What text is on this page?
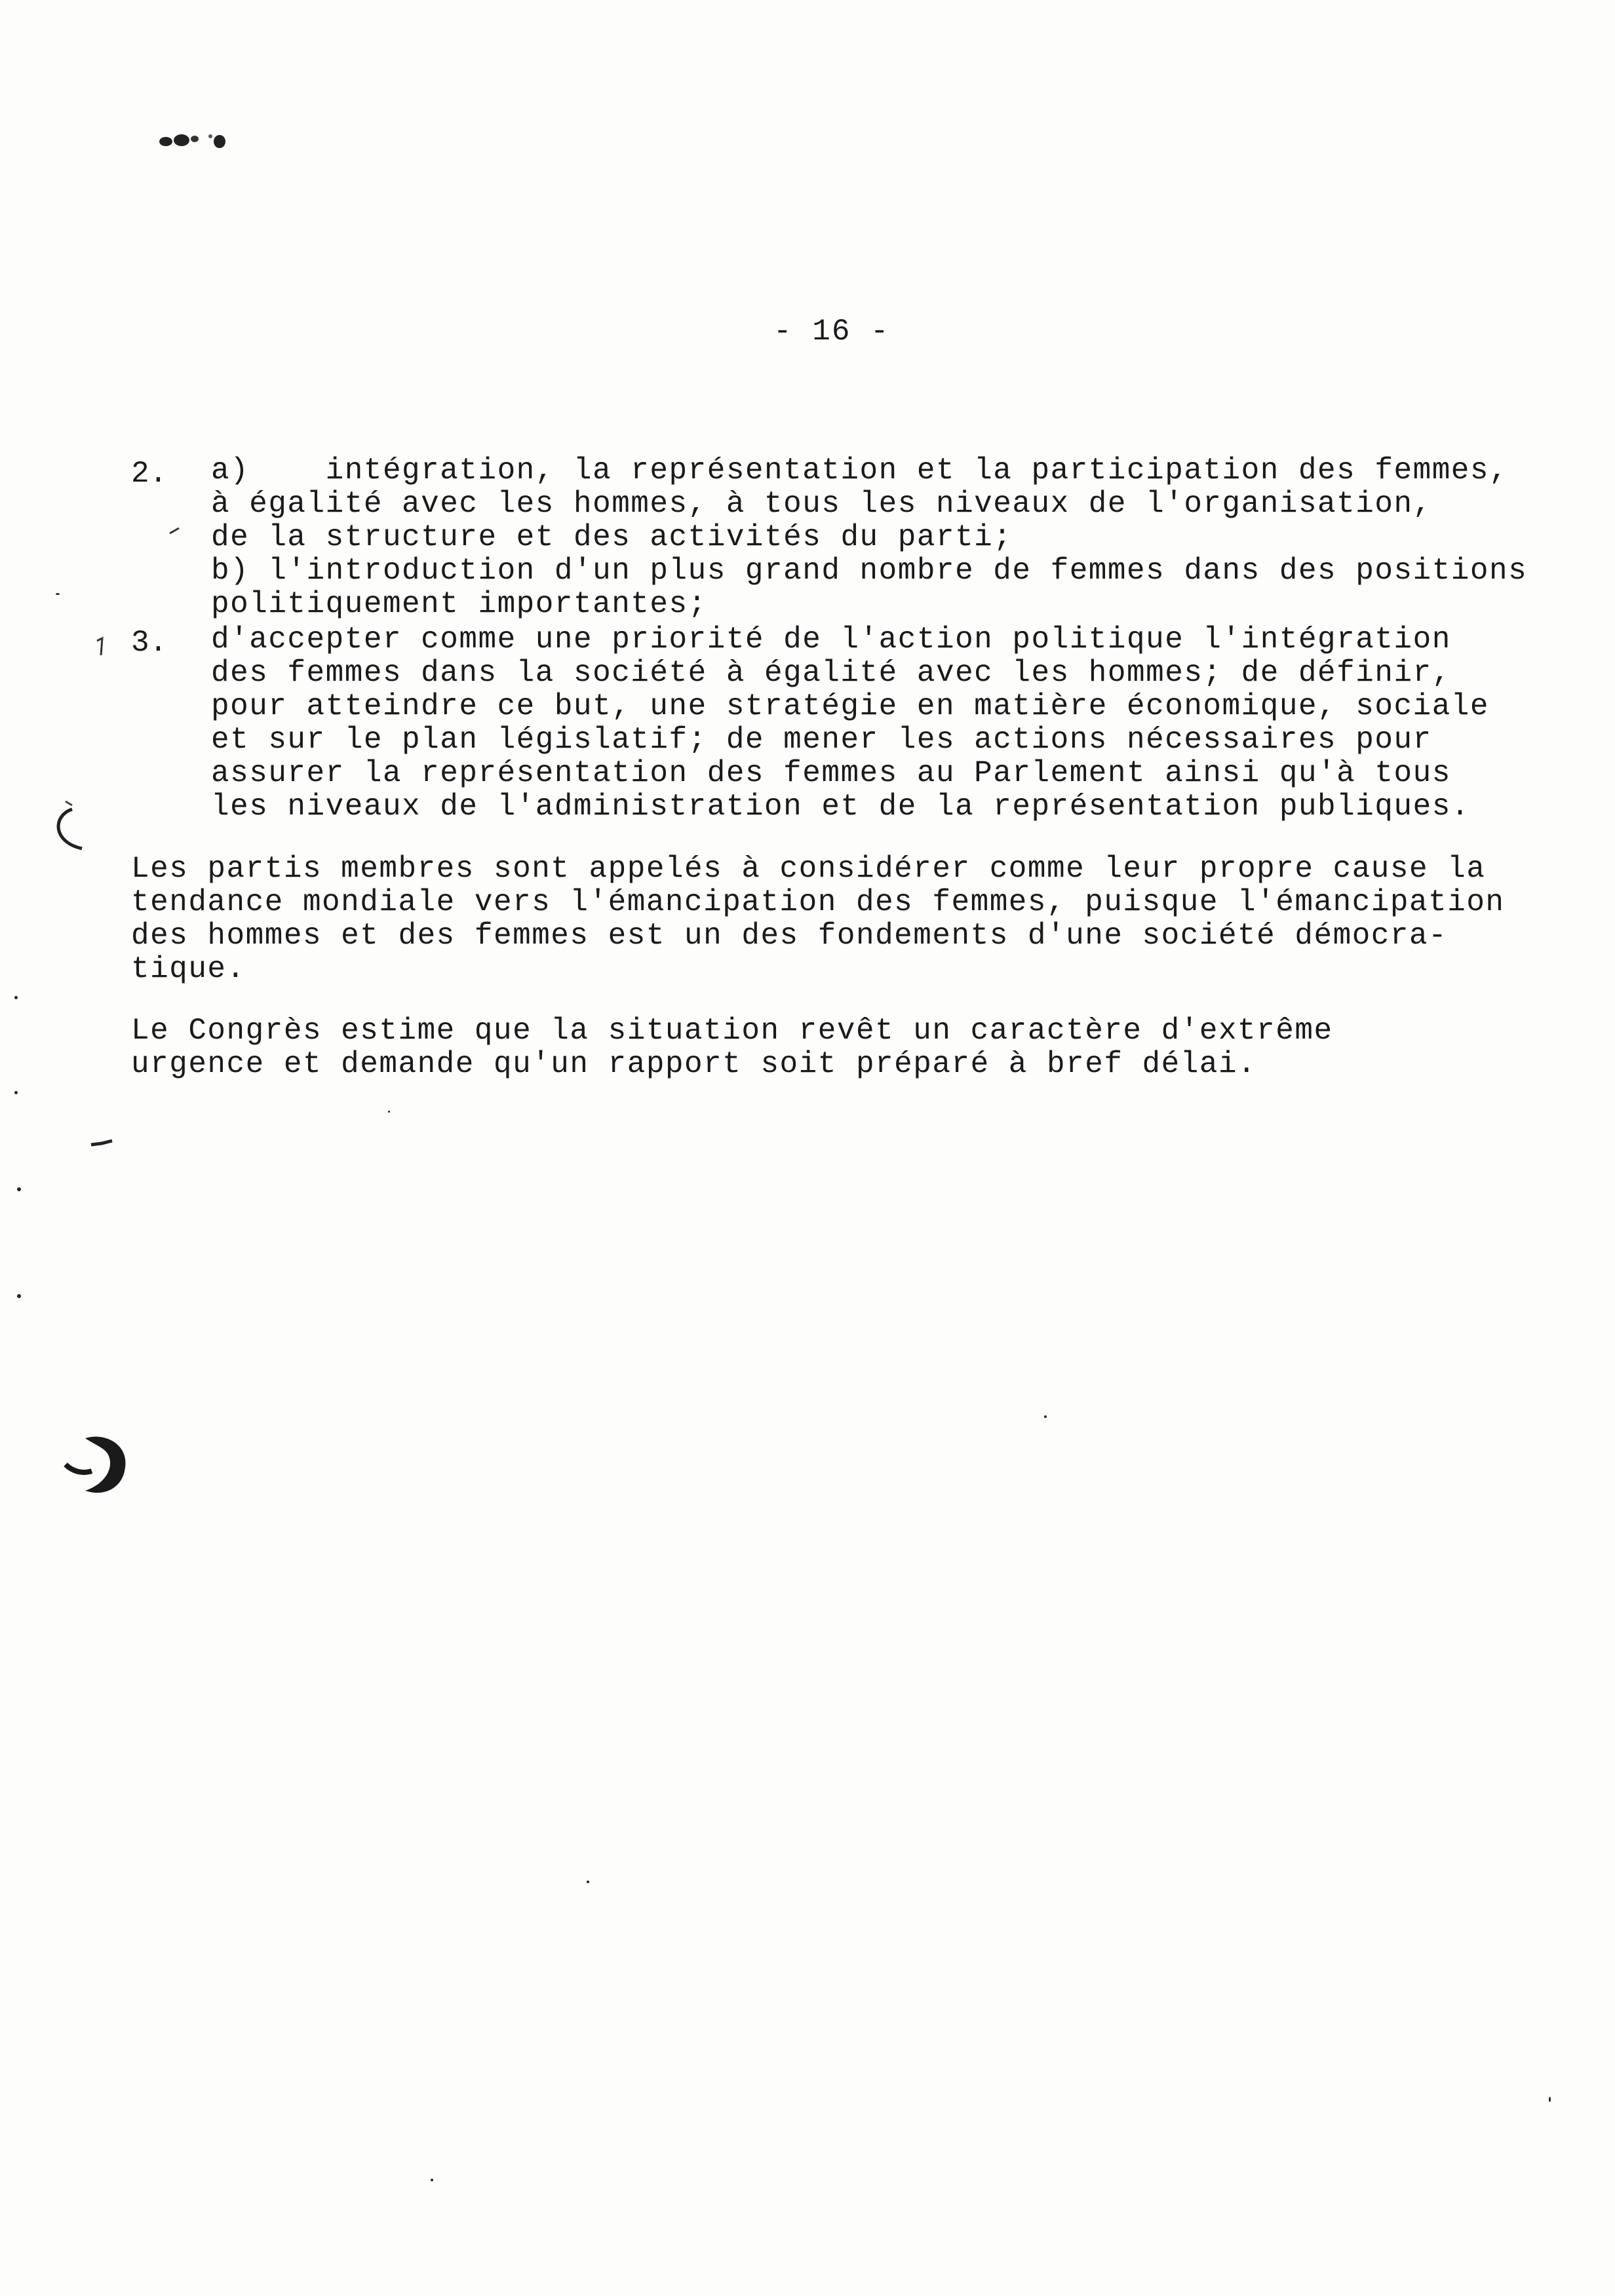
- 16 -
2. a)    intégration, la représentation et la participation des femmes,
à égalité avec les hommes, à tous les niveaux de l'organisation,
de la structure et des activités du parti;
b) l'introduction d'un plus grand nombre de femmes dans des positions
politiquement importantes;
3. d'accepter comme une priorité de l'action politique l'intégration
des femmes dans la société à égalité avec les hommes; de définir,
pour atteindre ce but, une stratégie en matière économique, sociale
et sur le plan législatif; de mener les actions nécessaires pour
assurer la représentation des femmes au Parlement ainsi qu'à tous
les niveaux de l'administration et de la représentation publiques.
Les partis membres sont appelés à considérer comme leur propre cause la
tendance mondiale vers l'émancipation des femmes, puisque l'émancipation
des hommes et des femmes est un des fondements d'une société démocra-
tique.
Le Congrès estime que la situation revêt un caractère d'extrême
urgence et demande qu'un rapport soit préparé à bref délai.
